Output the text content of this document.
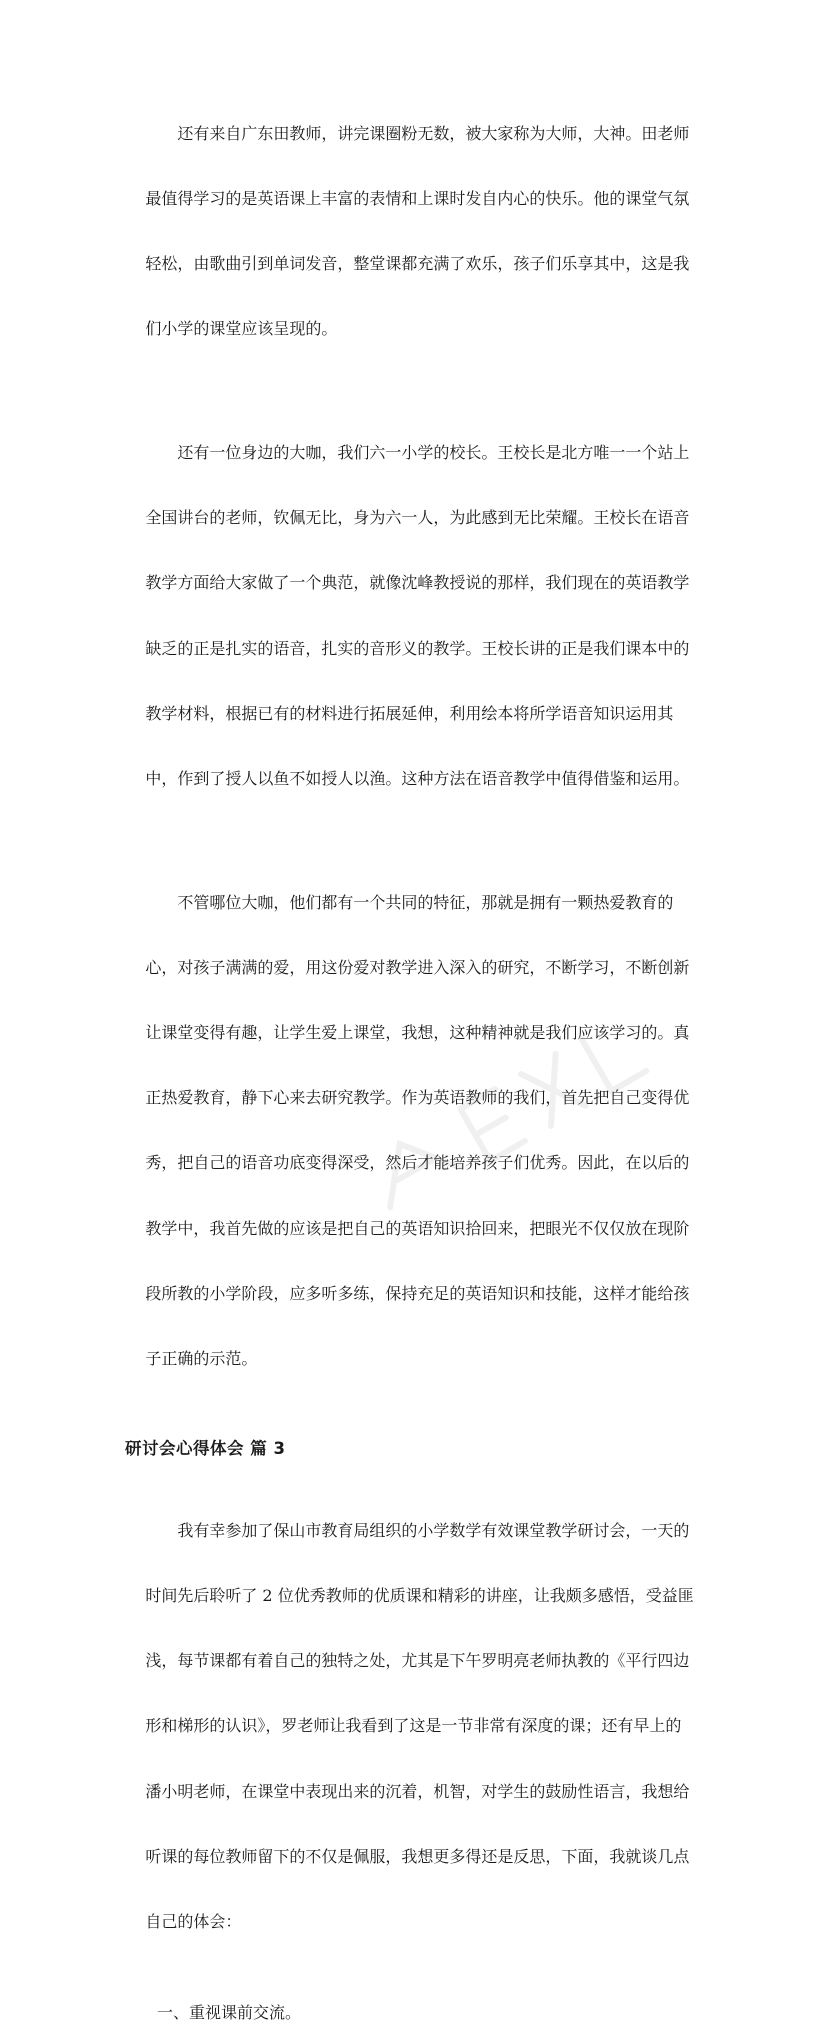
　　还有来自广东田教师，讲完课圈粉无数，被大家称为大师，大神。田老师

最值得学习的是英语课上丰富的表情和上课时发自内心的快乐。他的课堂气氛

轻松，由歌曲引到单词发音，整堂课都充满了欢乐，孩子们乐享其中，这是我

们小学的课堂应该呈现的。

　　还有一位身边的大咖，我们六一小学的校长。王校长是北方唯一一个站上

全国讲台的老师，钦佩无比，身为六一人，为此感到无比荣耀。王校长在语音

教学方面给大家做了一个典范，就像沈峰教授说的那样，我们现在的英语教学

缺乏的正是扎实的语音，扎实的音形义的教学。王校长讲的正是我们课本中的

教学材料，根据已有的材料进行拓展延伸，利用绘本将所学语音知识运用其

中，作到了授人以鱼不如授人以渔。这种方法在语音教学中值得借鉴和运用。

　　不管哪位大咖，他们都有一个共同的特征，那就是拥有一颗热爱教育的

心，对孩子满满的爱，用这份爱对教学进入深入的研究，不断学习，不断创新

让课堂变得有趣，让学生爱上课堂，我想，这种精神就是我们应该学习的。真

正热爱教育，静下心来去研究教学。作为英语教师的我们，首先把自己变得优

秀，把自己的语音功底变得深受，然后才能培养孩子们优秀。因此，在以后的

教学中，我首先做的应该是把自己的英语知识拾回来，把眼光不仅仅放在现阶

段所教的小学阶段，应多听多练，保持充足的英语知识和技能，这样才能给孩

子正确的示范。

研讨会心得体会 篇 3

　　我有幸参加了保山市教育局组织的小学数学有效课堂教学研讨会，一天的

时间先后聆听了 2 位优秀教师的优质课和精彩的讲座，让我颇多感悟，受益匪

浅，每节课都有着自己的独特之处，尤其是下午罗明亮老师执教的《平行四边

形和梯形的认识》，罗老师让我看到了这是一节非常有深度的课；还有早上的

潘小明老师，在课堂中表现出来的沉着，机智，对学生的鼓励性语言，我想给

听课的每位教师留下的不仅是佩服，我想更多得还是反思，下面，我就谈几点

自己的体会：

　　一、重视课前交流。
